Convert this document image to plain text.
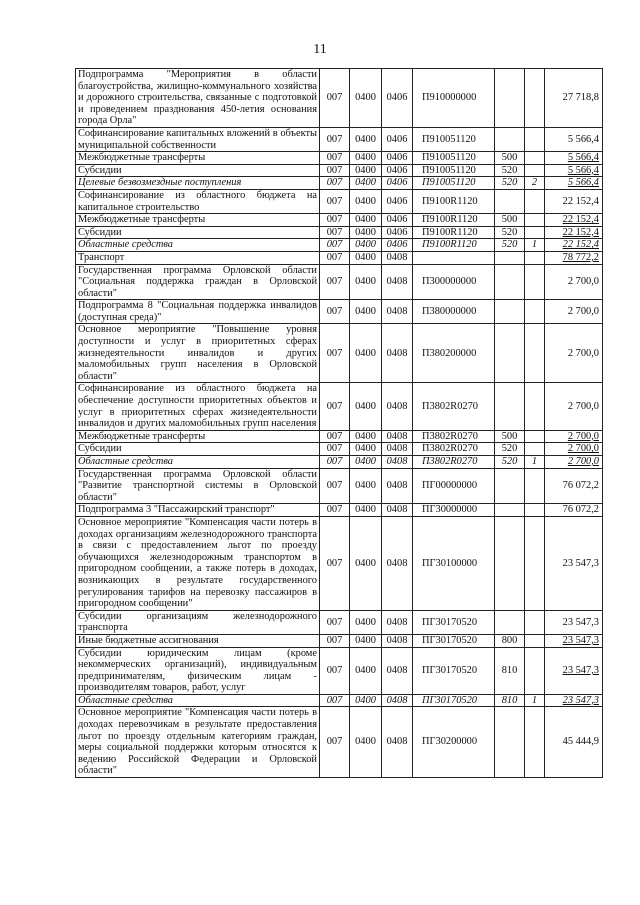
11
Подпрограмма "Мероприятия в области благоустройства, жилищно-коммунального хозяйства и дорожного строительства, связанные с подготовкой и проведением празднования 450-летия основания города Орла"	007	0400	0406	П910000000			27 718,8
Софинансирование капитальных вложений в объекты муниципальной собственности	007	0400	0406	П910051120			5 566,4
Межбюджетные трансферты	007	0400	0406	П910051120	500		5 566,4
Субсидии	007	0400	0406	П910051120	520		5 566,4
Целевые безвозмездные поступления	007	0400	0406	П910051120	520	2	5 566,4
Софинансирование из областного бюджета на капитальное строительство	007	0400	0406	П9100R1120			22 152,4
Межбюджетные трансферты	007	0400	0406	П9100R1120	500		22 152,4
Субсидии	007	0400	0406	П9100R1120	520		22 152,4
Областные средства	007	0400	0406	П9100R1120	520	1	22 152,4
Транспорт	007	0400	0408				78 772,2
Государственная программа Орловской области "Социальная поддержка граждан в Орловской области"	007	0400	0408	П300000000			2 700,0
Подпрограмма 8 "Социальная поддержка инвалидов (доступная среда)"	007	0400	0408	П380000000			2 700,0
Основное мероприятие "Повышение уровня доступности и услуг в приоритетных сферах жизнедеятельности инвалидов и других маломобильных групп населения в Орловской области"	007	0400	0408	П380200000			2 700,0
Софинансирование из областного бюджета на обеспечение доступности приоритетных объектов и услуг в приоритетных сферах жизнедеятельности инвалидов и других маломобильных групп населения	007	0400	0408	П3802R0270			2 700,0
Межбюджетные трансферты	007	0400	0408	П3802R0270	500		2 700,0
Субсидии	007	0400	0408	П3802R0270	520		2 700,0
Областные средства	007	0400	0408	П3802R0270	520	1	2 700,0
Государственная программа Орловской области "Развитие транспортной системы в Орловской области"	007	0400	0408	ПГ00000000			76 072,2
Подпрограмма 3 "Пассажирский транспорт"	007	0400	0408	ПГ30000000			76 072,2
Основное мероприятие "Компенсация части потерь в доходах организациям железнодорожного транспорта в связи с предоставлением льгот по проезду обучающихся железнодорожным транспортом в пригородном сообщении, а также потерь в доходах, возникающих в результате государственного регулирования тарифов на перевозку пассажиров в пригородном сообщении"	007	0400	0408	ПГ30100000			23 547,3
Субсидии организациям железнодорожного транспорта	007	0400	0408	ПГ30170520			23 547,3
Иные бюджетные ассигнования	007	0400	0408	ПГ30170520	800		23 547,3
Субсидии юридическим лицам (кроме некоммерческих организаций), индивидуальным предпринимателям, физическим лицам - производителям товаров, работ, услуг	007	0400	0408	ПГ30170520	810		23 547,3
Областные средства	007	0400	0408	ПГ30170520	810	1	23 547,3
Основное мероприятие "Компенсация части потерь в доходах перевозчикам в результате предоставления льгот по проезду отдельным категориям граждан, меры социальной поддержки которым относятся к ведению Российской Федерации и Орловской области"	007	0400	0408	ПГ30200000			45 444,9
